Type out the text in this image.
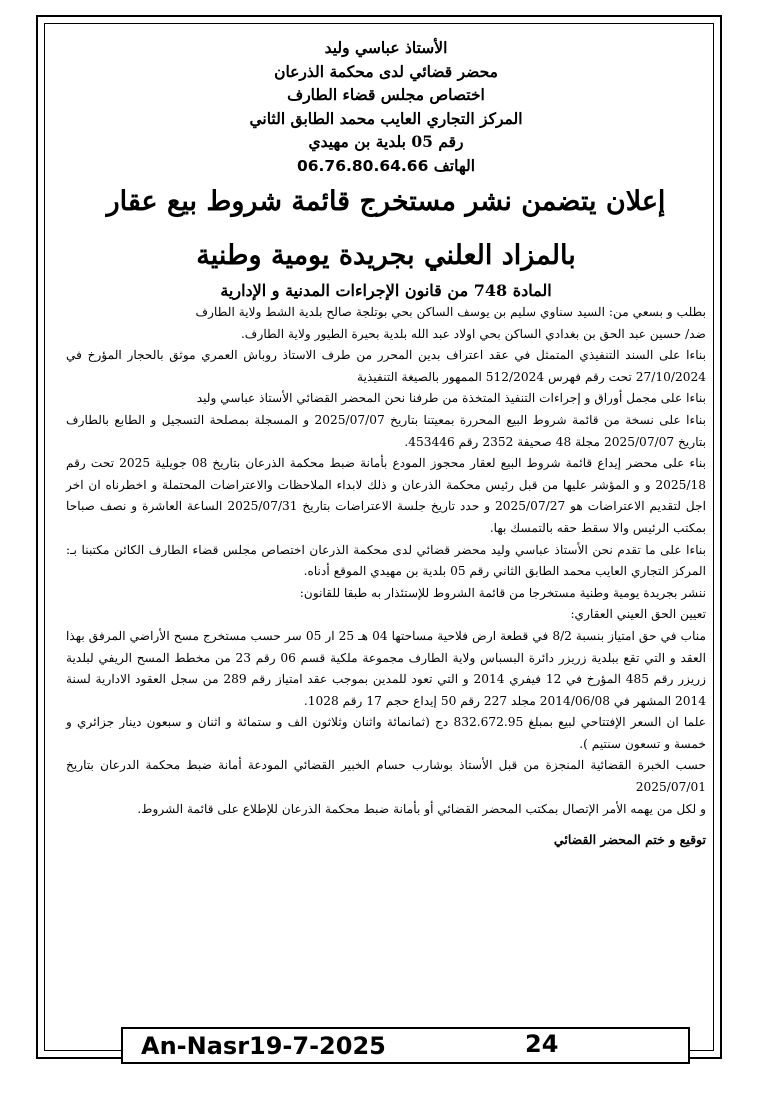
الأستاذ عباسي وليد
محضر قضائي لدى محكمة الذرعان
اختصاص مجلس قضاء الطارف
المركز التجاري العايب محمد الطابق الثاني
رقم 05 بلدية بن مهيدي
الهاتف 06.76.80.64.66
إعلان يتضمن نشر مستخرج قائمة شروط بيع عقار
بالمزاد العلني بجريدة يومية وطنية
المادة 748 من قانون الإجراءات المدنية و الإدارية

بطلب و بسعي من: السيد سناوي سليم بن يوسف الساكن بحي بوتلجة صالح بلدية الشط ولاية الطارف

ضد/ حسين عبد الحق بن بغدادي الساكن بحي اولاد عبد الله بلدية بحيرة الطيور ولاية الطارف.

بناءا على السند التنفيذي المتمثل في عقد اعتراف بدين المحرر من طرف الاستاذ روباش العمري موثق بالحجار المؤرخ في 27/10/2024 تحت رقم فهرس 512/2024 الممهور بالصيغة التنفيذية

بناءا على مجمل أوراق و إجراءات التنفيذ المتخذة من طرفنا نحن المحضر القضائي الأستاذ عباسي وليد

بناءا على نسخة من قائمة شروط البيع المحررة بمعيتنا بتاريخ 2025/07/07 و المسجلة بمصلحة التسجيل و الطابع بالطارف بتاريخ 2025/07/07 مجلة 48 صحيفة 2352 رقم 453446.

بناء على محضر إيداع قائمة شروط البيع لعقار محجوز المودع بأمانة ضبط محكمة الذرعان بتاريخ 08 جويلية 2025 تحت رقم 2025/18 و و المؤشر عليها من قبل رئيس محكمة الذرعان و ذلك لابداء الملاحظات والاعتراضات المحتملة و اخطرناه ان اخر اجل لتقديم الاعتراضات هو 2025/07/27 و حدد تاريخ جلسة الاعتراضات بتاريخ 2025/07/31 الساعة العاشرة و نصف صباحا بمكتب الرئيس والا سقط حقه بالتمسك بها.

بناءا على ما تقدم نحن الأستاذ عباسي وليد محضر قضائي لدى محكمة الذرعان اختصاص مجلس قضاء الطارف الكائن مكتبنا بـ: المركز التجاري العايب محمد الطابق الثاني رقم 05 بلدية بن مهيدي الموقع أدناه.

ننشر بجريدة يومية وطنية مستخرجا من قائمة الشروط للإستئذار به طبقا للقانون:

تعيين الحق العيني العقاري:

مناب في حق امتياز بنسبة 8/2 في قطعة ارض فلاحية مساحتها 04 هـ 25 ار 05 سر حسب مستخرج مسح الأراضي المرفق بهذا العقد و التي تقع ببلدية زريزر دائرة البسباس ولاية الطارف مجموعة ملكية قسم 06 رقم 23 من مخطط المسح الريفي لبلدية زريزر رقم 485 المؤرخ في 12 فيفري 2014 و التي تعود للمدين بموجب عقد امتياز رقم 289 من سجل العقود الادارية لسنة 2014 المشهر في 2014/06/08 مجلد 227 رقم 50 إيداع حجم 17 رقم 1028.

علما ان السعر الإفتتاحي لبيع بمبلغ 832.672.95 دج (ثمانمائة واثنان وثلاثون الف و ستمائة و اثنان و سبعون دينار جزائري و خمسة و تسعون سنتيم ).

حسب الخبرة القضائية المنجزة من قبل الأستاذ بوشارب حسام الخبير القضائي المودعة أمانة ضبط محكمة الدرعان بتاريخ 2025/07/01

و لكل من يهمه الأمر الإتصال بمكتب المحضر القضائي أو بأمانة ضبط محكمة الذرعان للإطلاع على قائمة الشروط.

توقيع و ختم المحضر القضائي
An-Nasr19-7-2025	24
